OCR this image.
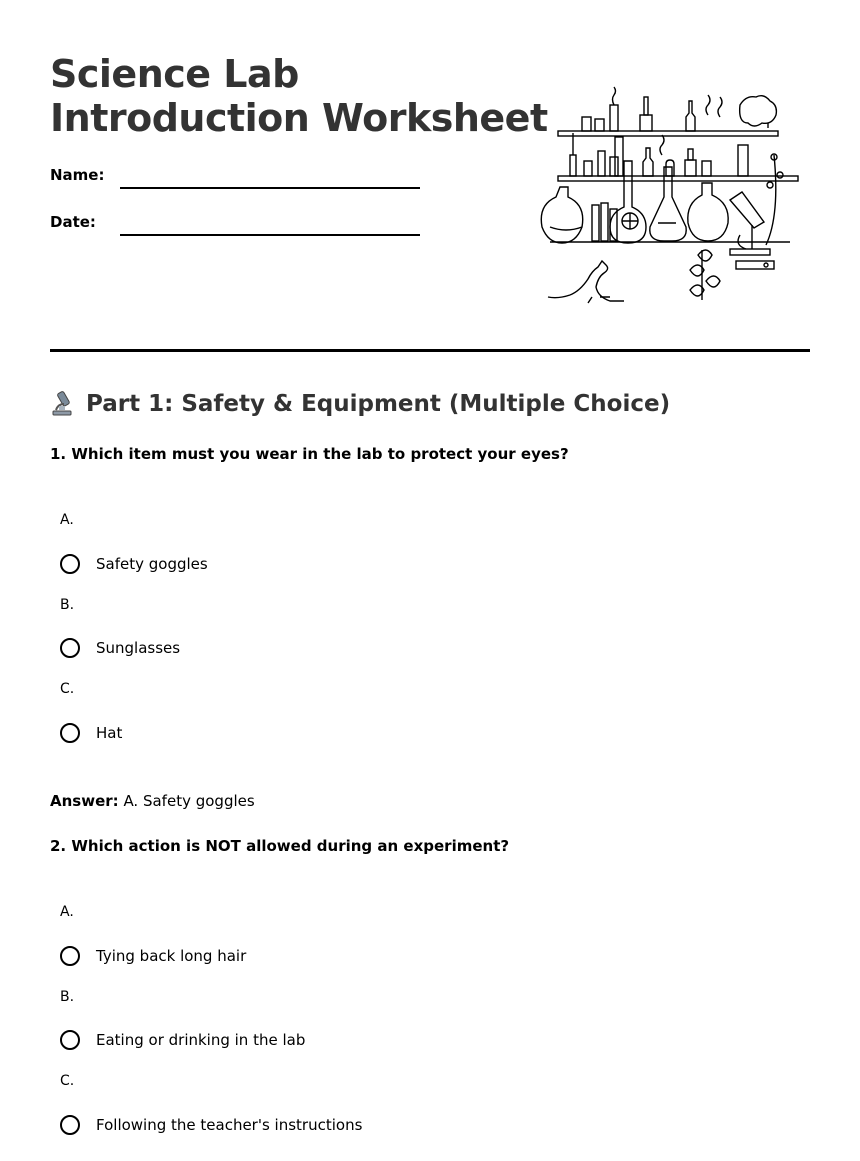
Science Lab
Introduction Worksheet
Name:
Date:
Part 1: Safety & Equipment (Multiple Choice)
1. Which item must you wear in the lab to protect your eyes?
A.
Safety goggles
B.
Sunglasses
C.
Hat
Answer: A. Safety goggles
2. Which action is NOT allowed during an experiment?
A.
Tying back long hair
B.
Eating or drinking in the lab
C.
Following the teacher's instructions
